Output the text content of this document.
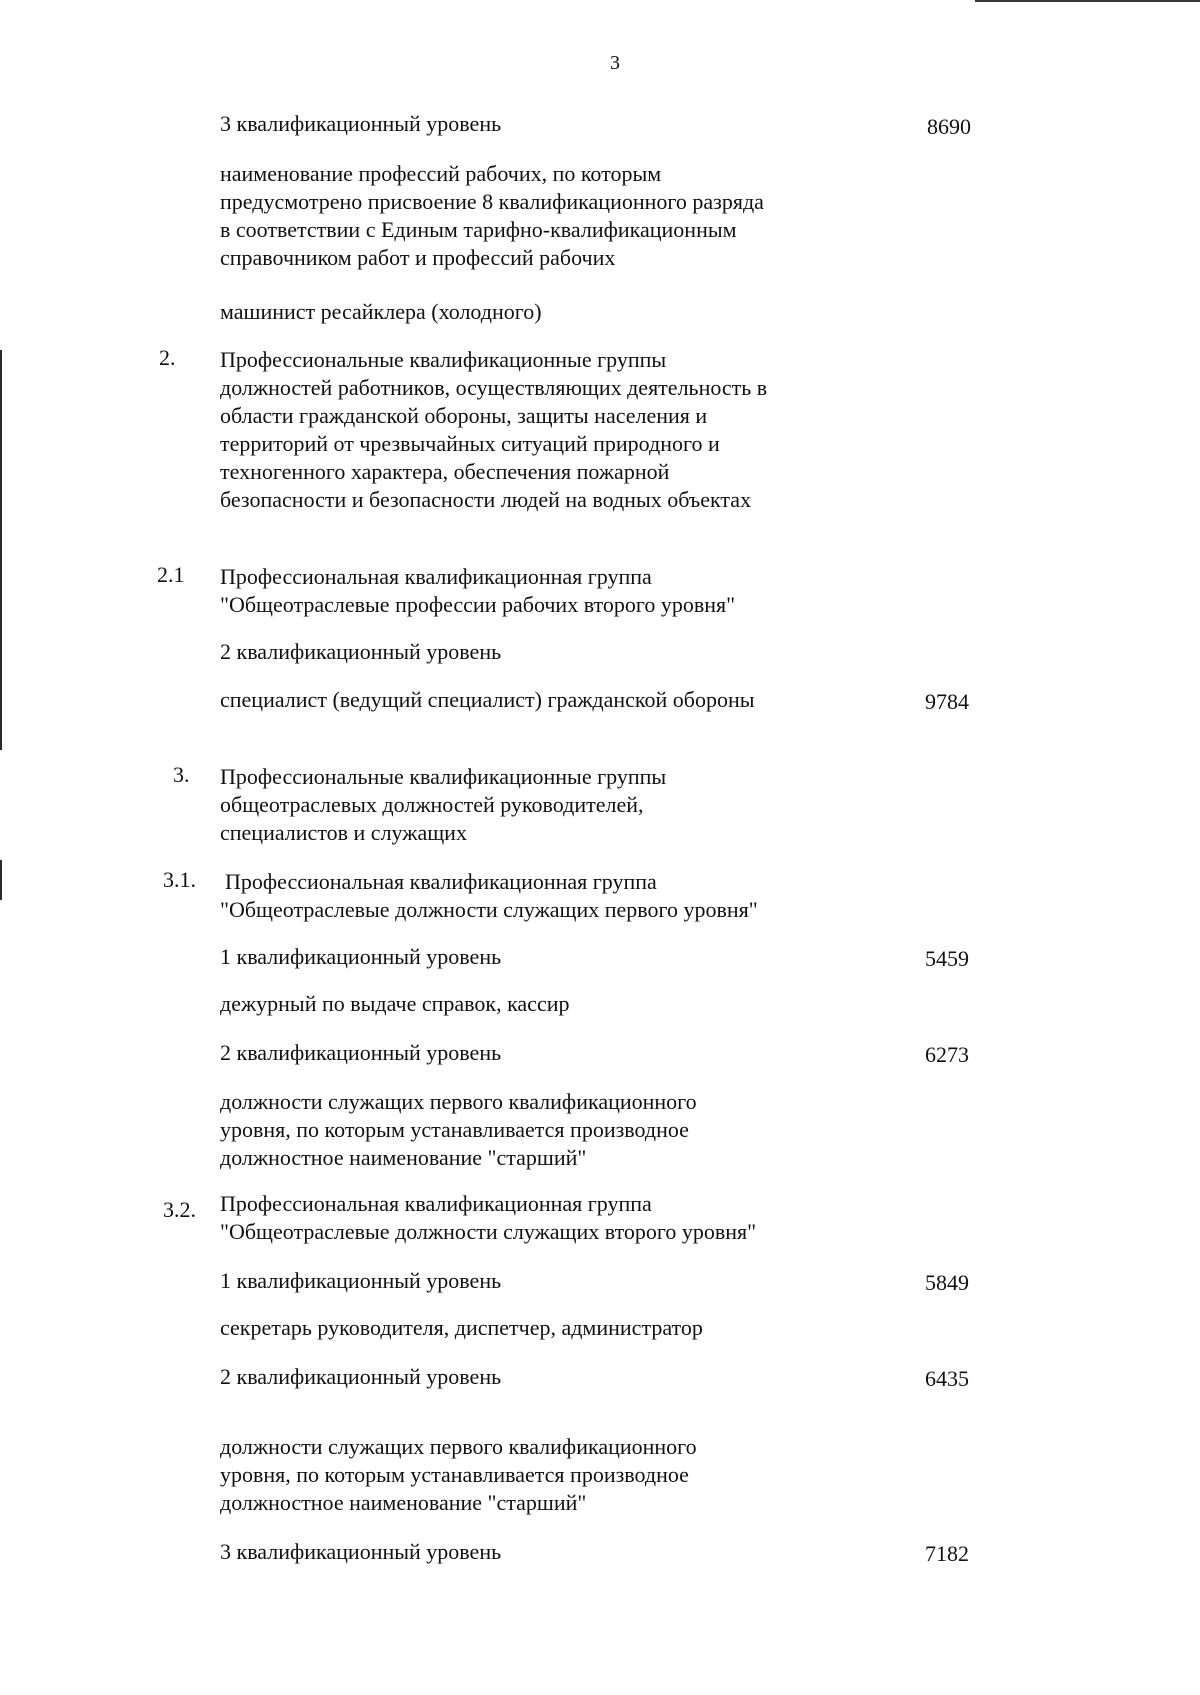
3
3 квалификационный уровень	8690
наименование профессий рабочих, по которым
предусмотрено присвоение 8 квалификационного разряда
в соответствии с Единым тарифно-квалификационным
справочником работ и профессий рабочих
машинист ресайклера (холодного)
2. Профессиональные квалификационные группы
должностей работников, осуществляющих деятельность в
области гражданской обороны, защиты населения и
территорий от чрезвычайных ситуаций природного и
техногенного характера, обеспечения пожарной
безопасности и безопасности людей на водных объектах
2.1 Профессиональная квалификационная группа
"Общеотраслевые профессии рабочих второго уровня"
2 квалификационный уровень
специалист (ведущий специалист) гражданской обороны	9784
3. Профессиональные квалификационные группы
общеотраслевых должностей руководителей,
специалистов и служащих
3.1. Профессиональная квалификационная группа
"Общеотраслевые должности служащих первого уровня"
1 квалификационный уровень	5459
дежурный по выдаче справок, кассир
2 квалификационный уровень	6273
должности служащих первого квалификационного
уровня, по которым устанавливается производное
должностное наименование "старший"
3.2. Профессиональная квалификационная группа
"Общеотраслевые должности служащих второго уровня"
1 квалификационный уровень	5849
секретарь руководителя, диспетчер, администратор
2 квалификационный уровень	6435
должности служащих первого квалификационного
уровня, по которым устанавливается производное
должностное наименование "старший"
3 квалификационный уровень	7182
